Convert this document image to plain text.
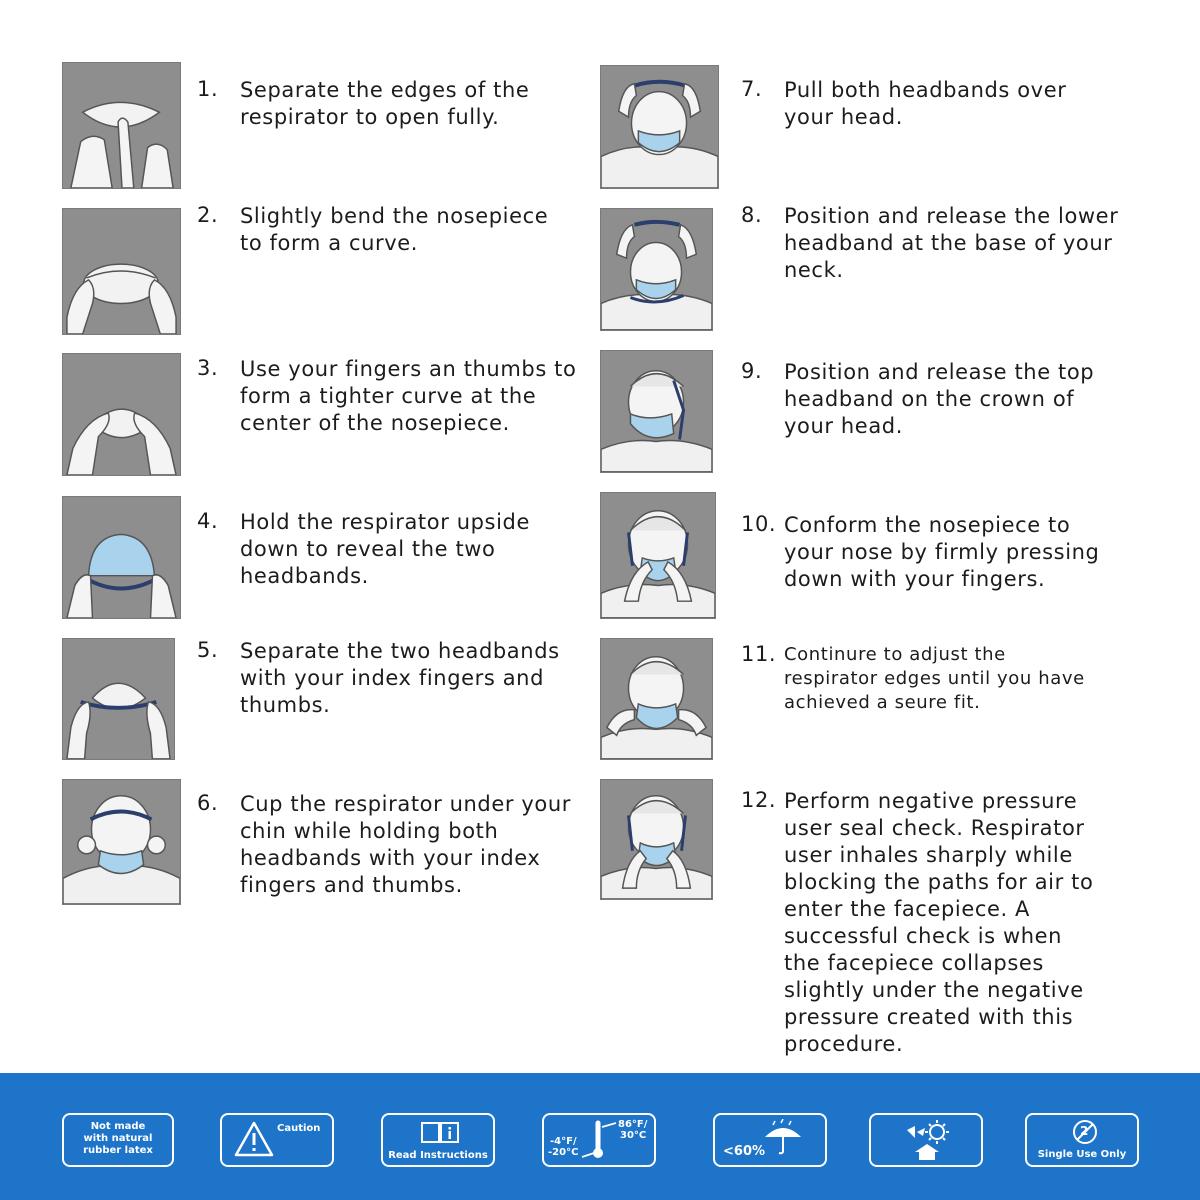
1. Separate the edges of the respirator to open fully.
2. Slightly bend the nosepiece to form a curve.
3. Use your fingers an thumbs to form a tighter curve at the center of the nosepiece.
4. Hold the respirator upside down to reveal the two headbands.
5. Separate the two headbands with your index fingers and thumbs.
6. Cup the respirator under your chin while holding both headbands with your index fingers and thumbs.
7. Pull both headbands over your head.
8. Position and release the lower headband at the base of your neck.
9. Position and release the top headband on the crown of your head.
10. Conform the nosepiece to your nose by firmly pressing down with your fingers.
11. Continure to adjust the respirator edges until you have achieved a seure fit.
12. Perform negative pressure user seal check. Respirator user inhales sharply while blocking the paths for air to enter the facepiece. A successful check is when the facepiece collapses slightly under the negative pressure created with this procedure.
Not made
with natural
rubber latex
Caution
Read Instructions
86°F/
30°C
-4°F/
-20°C	<60%
2
Single Use Only
